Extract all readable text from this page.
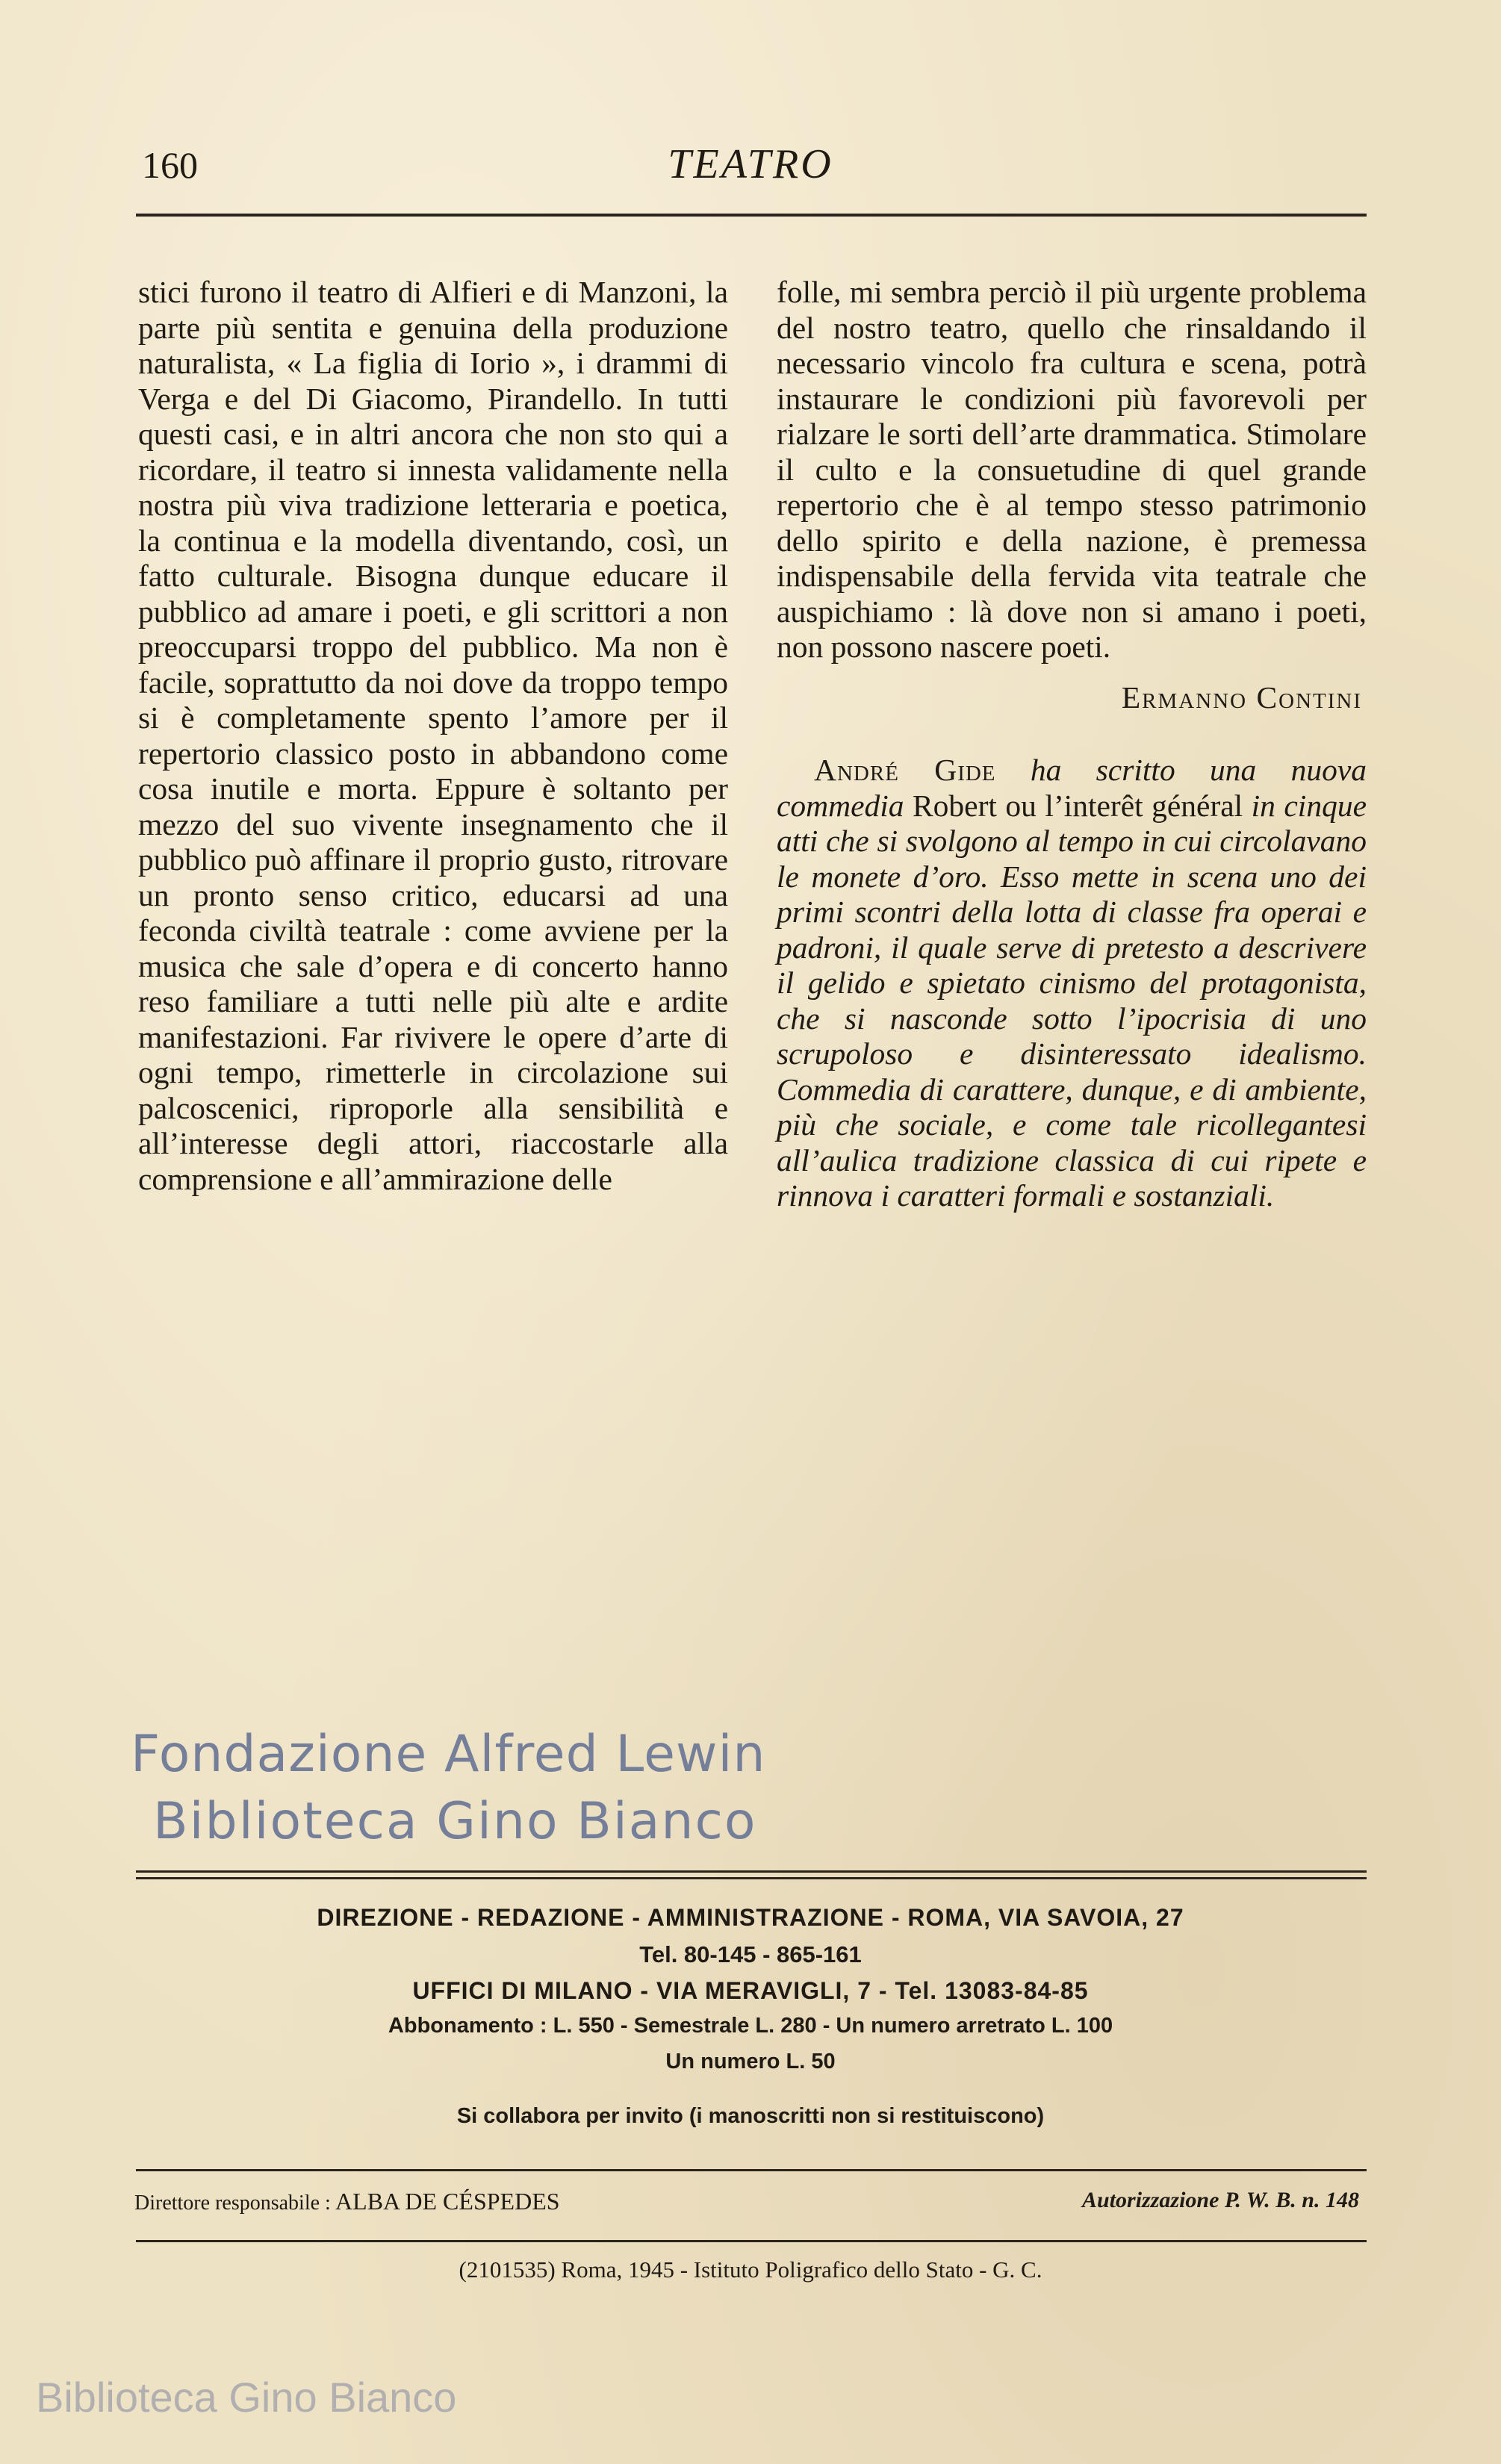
160	TEATRO

stici furono il teatro di Alfieri e di Manzoni, la parte più sentita e genuina della produzione naturalista, « La figlia di Iorio », i drammi di Verga e del Di Giacomo, Pirandello. In tutti questi casi, e in altri ancora che non sto qui a ricordare, il teatro si innesta validamente nella nostra più viva tradizione letteraria e poetica, la continua e la modella diventando, così, un fatto culturale. Bisogna dunque educare il pubblico ad amare i poeti, e gli scrittori a non preoccuparsi troppo del pubblico. Ma non è facile, soprattutto da noi dove da troppo tempo si è completamente spento l’amore per il repertorio classico posto in abbandono come cosa inutile e morta. Eppure è soltanto per mezzo del suo vivente insegnamento che il pubblico può affinare il proprio gusto, ritrovare un pronto senso critico, educarsi ad una feconda civiltà teatrale : come avviene per la musica che sale d’opera e di concerto hanno reso familiare a tutti nelle più alte e ardite manifestazioni. Far rivivere le opere d’arte di ogni tempo, rimetterle in circolazione sui palcoscenici, riproporle alla sensibilità e all’interesse degli attori, riaccostarle alla comprensione e all’ammirazione delle

folle, mi sembra perciò il più urgente problema del nostro teatro, quello che rinsaldando il necessario vincolo fra cultura e scena, potrà instaurare le condizioni più favorevoli per rialzare le sorti dell’arte drammatica. Stimolare il culto e la consuetudine di quel grande repertorio che è al tempo stesso patrimonio dello spirito e della nazione, è premessa indispensabile della fervida vita teatrale che auspichiamo : là dove non si amano i poeti, non possono nascere poeti.

Ermanno Contini

André Gide ha scritto una nuova commedia Robert ou l’interêt général in cinque atti che si svolgono al tempo in cui circolavano le monete d’oro. Esso mette in scena uno dei primi scontri della lotta di classe fra operai e padroni, il quale serve di pretesto a descrivere il gelido e spietato cinismo del protagonista, che si nasconde sotto l’ipocrisia di uno scrupoloso e disinteressato idealismo. Commedia di carattere, dunque, e di ambiente, più che sociale, e come tale ricollegantesi all’aulica tradizione classica di cui ripete e rinnova i caratteri formali e sostanziali.

Fondazione Alfred Lewin
Biblioteca Gino Bianco
DIREZIONE - REDAZIONE - AMMINISTRAZIONE - ROMA, VIA SAVOIA, 27
Tel. 80-145 - 865-161
UFFICI DI MILANO - VIA MERAVIGLI, 7 - Tel. 13083-84-85
Abbonamento : L. 550 - Semestrale L. 280 - Un numero arretrato L. 100
Un numero L. 50
Si collabora per invito (i manoscritti non si restituiscono)
Direttore responsabile : ALBA DE CÉSPEDES	Autorizzazione P. W. B. n. 148
(2101535) Roma, 1945 - Istituto Poligrafico dello Stato - G. C.
Biblioteca Gino Bianco
